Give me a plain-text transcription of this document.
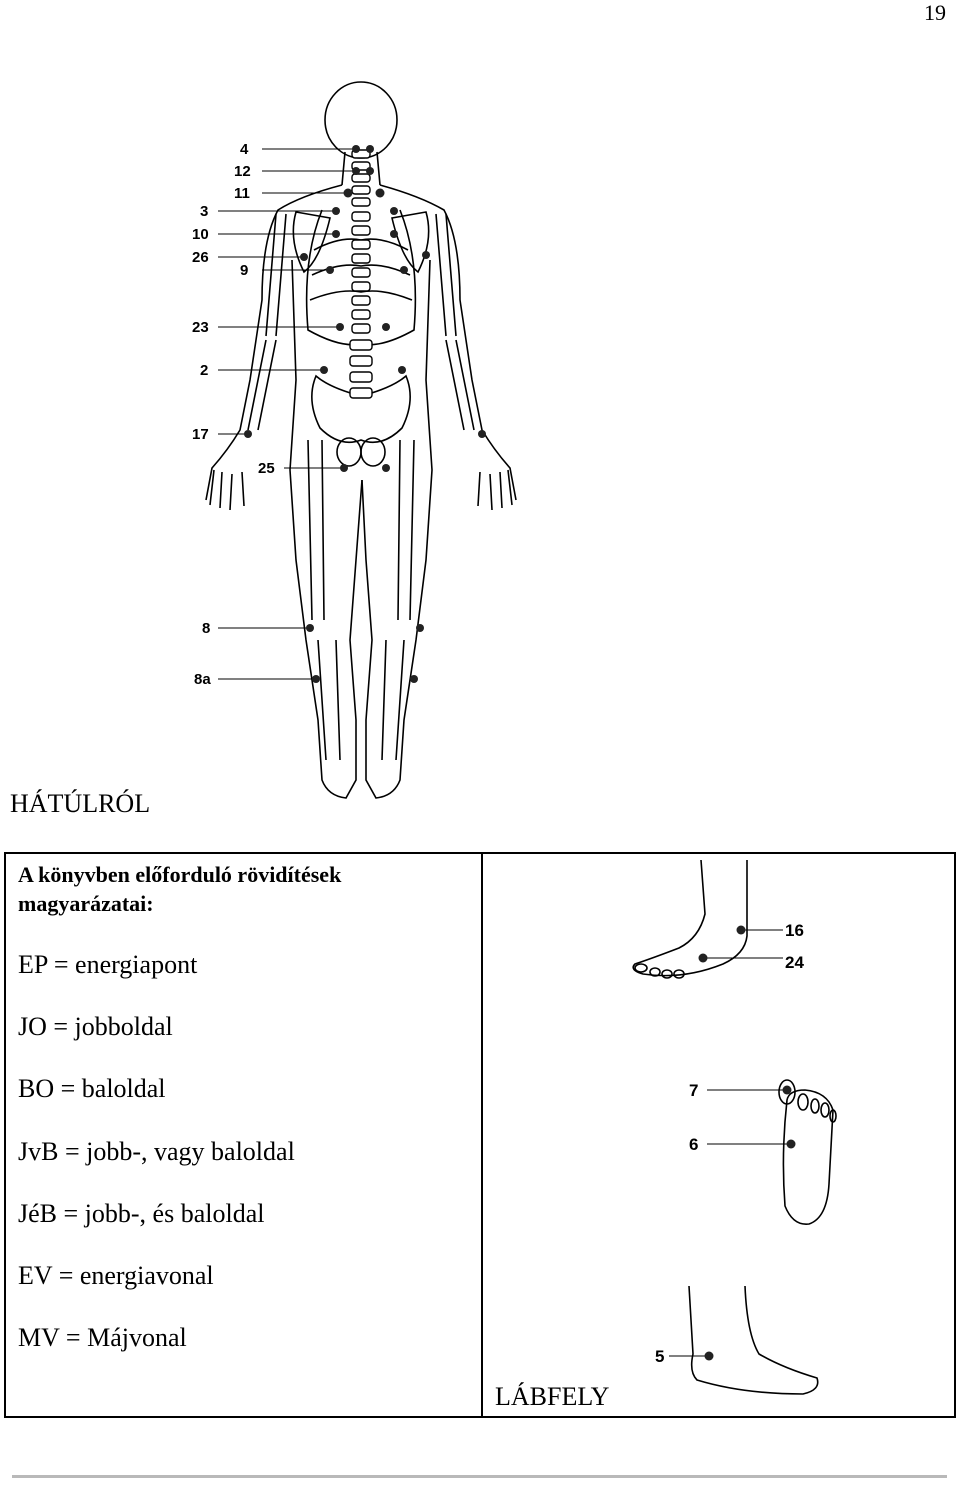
19
4
12
11
3
10
26
9
23
2
17
25
8
8a
HÁTÚLRÓL
A könyvben előforduló rövidítések
magyarázatai:
EP = energiapont
JO = jobboldal
BO = baloldal
JvB = jobb-, vagy baloldal
JéB = jobb-, és baloldal
EV = energiavonal
MV = Májvonal
16
24
7
6
5
LÁBFELY
